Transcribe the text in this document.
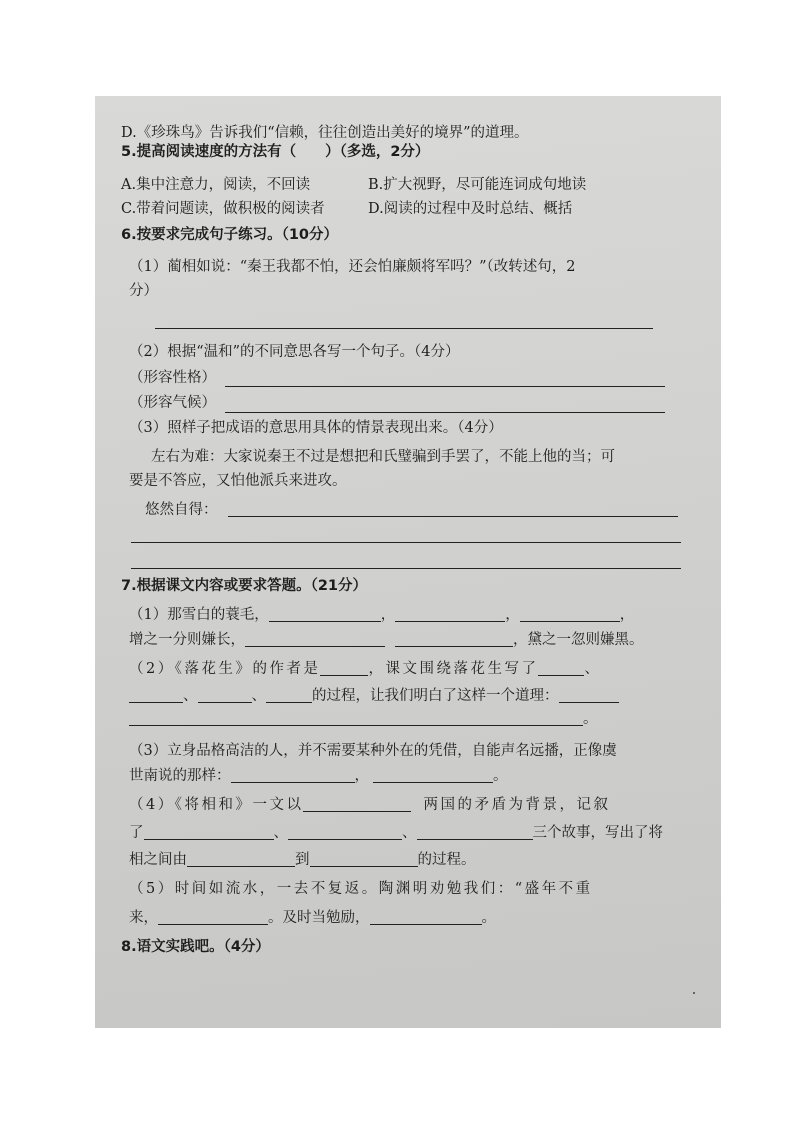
D.《珍珠鸟》告诉我们“信赖，往往创造出美好的境界”的道理。
5.提高阅读速度的方法有（　　）（多选，2分）
A.集中注意力，阅读，不回读	B.扩大视野，尽可能连词成句地读
C.带着问题读，做积极的阅读者	D.阅读的过程中及时总结、概括
6.按要求完成句子练习。（10分）
（1）蔺相如说：“秦王我都不怕，还会怕廉颇将军吗？”（改转述句，2
分）
（2）根据“温和”的不同意思各写一个句子。（4分）
（形容性格）
（形容气候）
（3）照样子把成语的意思用具体的情景表现出来。（4分）
左右为难：大家说秦王不过是想把和氏璧骗到手罢了，不能上他的当；可
要是不答应，又怕他派兵来进攻。
悠然自得：
7.根据课文内容或要求答题。（21分）
（1）那雪白的蓑毛，	，	，	，
增之一分则嫌长，	，黛之一忽则嫌黑。
（2）《落花生》的作者是	，课文围绕落花生写了	、
、	、	的过程，让我们明白了这样一个道理：
。
（3）立身品格高洁的人，并不需要某种外在的凭借，自能声名远播，正像虞
世南说的那样：	，	。
（4）《将相和》一文以	两国的矛盾为背景，记叙
了	、	、	三个故事，写出了将
相之间由	到	的过程。
（5）时间如流水，一去不复返。陶渊明劝勉我们：“盛年不重
来，	。及时当勉励，	。
8.语文实践吧。（4分）
